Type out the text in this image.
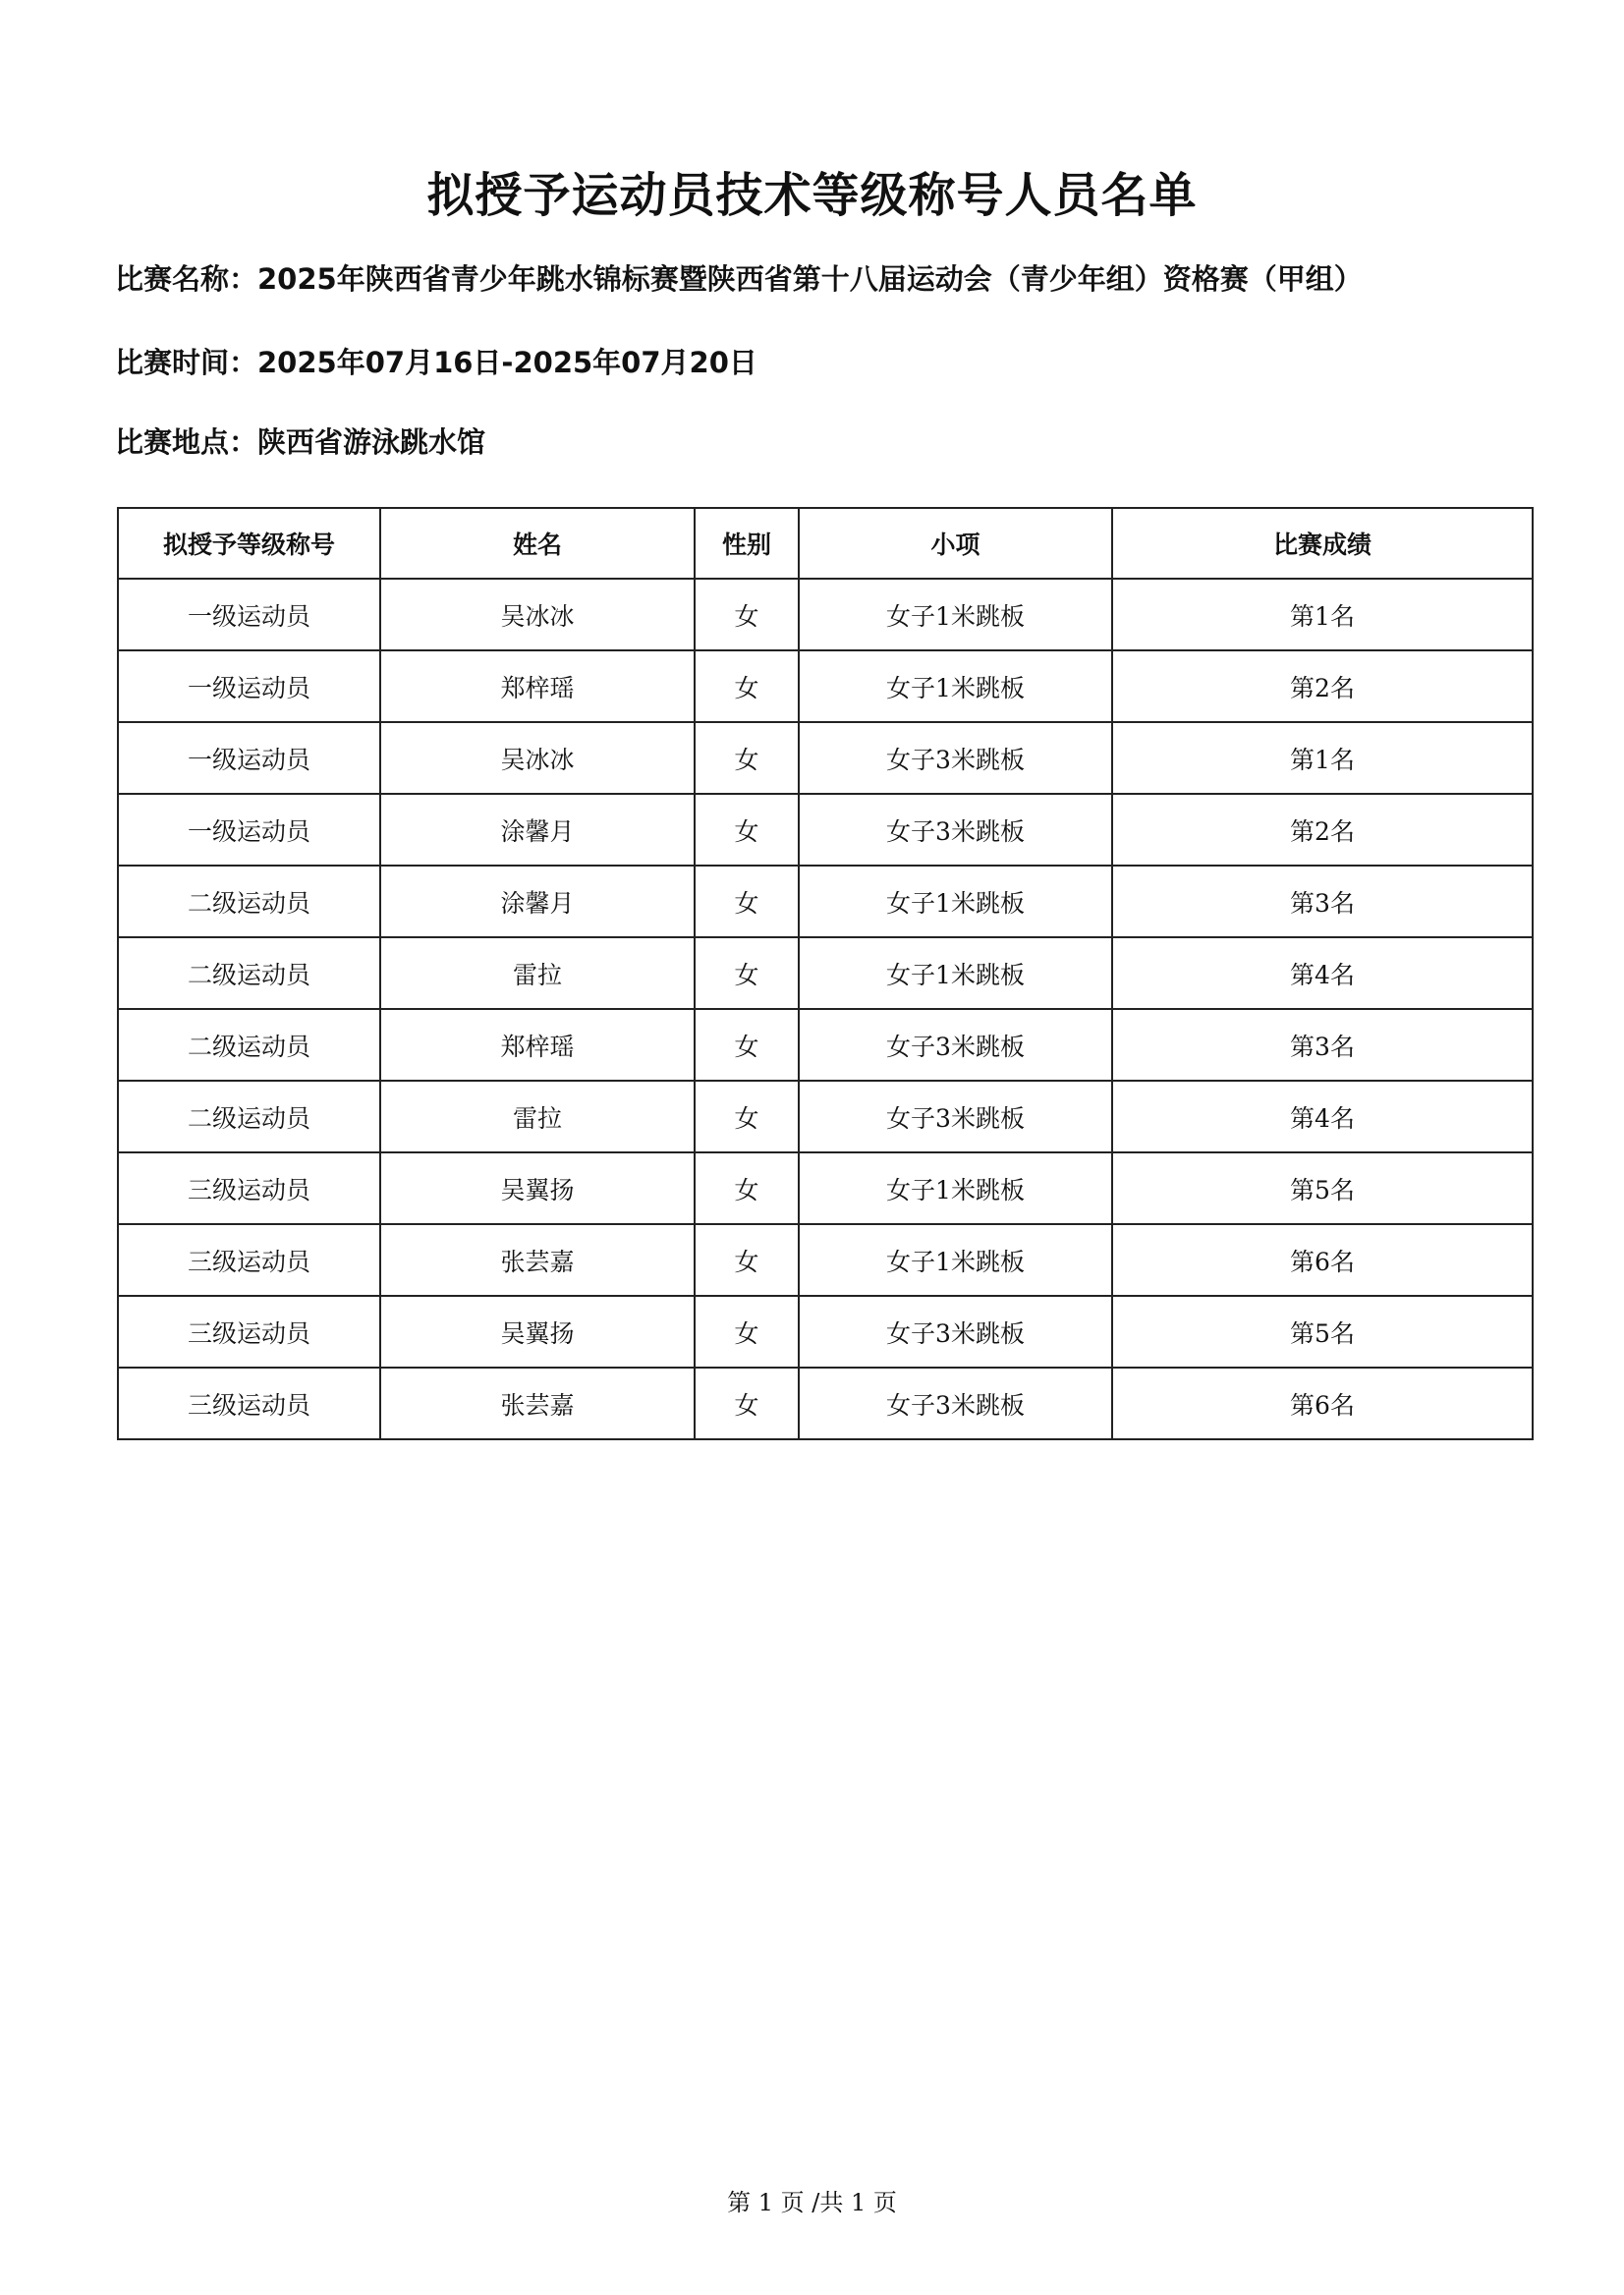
拟授予运动员技术等级称号人员名单
比赛名称：2025年陕西省青少年跳水锦标赛暨陕西省第十八届运动会（青少年组）资格赛（甲组）
比赛时间：2025年07月16日-2025年07月20日
比赛地点：陕西省游泳跳水馆
拟授予等级称号	姓名	性别	小项	比赛成绩
一级运动员	吴冰冰	女	女子1米跳板	第1名
一级运动员	郑梓瑶	女	女子1米跳板	第2名
一级运动员	吴冰冰	女	女子3米跳板	第1名
一级运动员	涂馨月	女	女子3米跳板	第2名
二级运动员	涂馨月	女	女子1米跳板	第3名
二级运动员	雷拉	女	女子1米跳板	第4名
二级运动员	郑梓瑶	女	女子3米跳板	第3名
二级运动员	雷拉	女	女子3米跳板	第4名
三级运动员	吴翼扬	女	女子1米跳板	第5名
三级运动员	张芸嘉	女	女子1米跳板	第6名
三级运动员	吴翼扬	女	女子3米跳板	第5名
三级运动员	张芸嘉	女	女子3米跳板	第6名
第 1 页 /共 1 页
